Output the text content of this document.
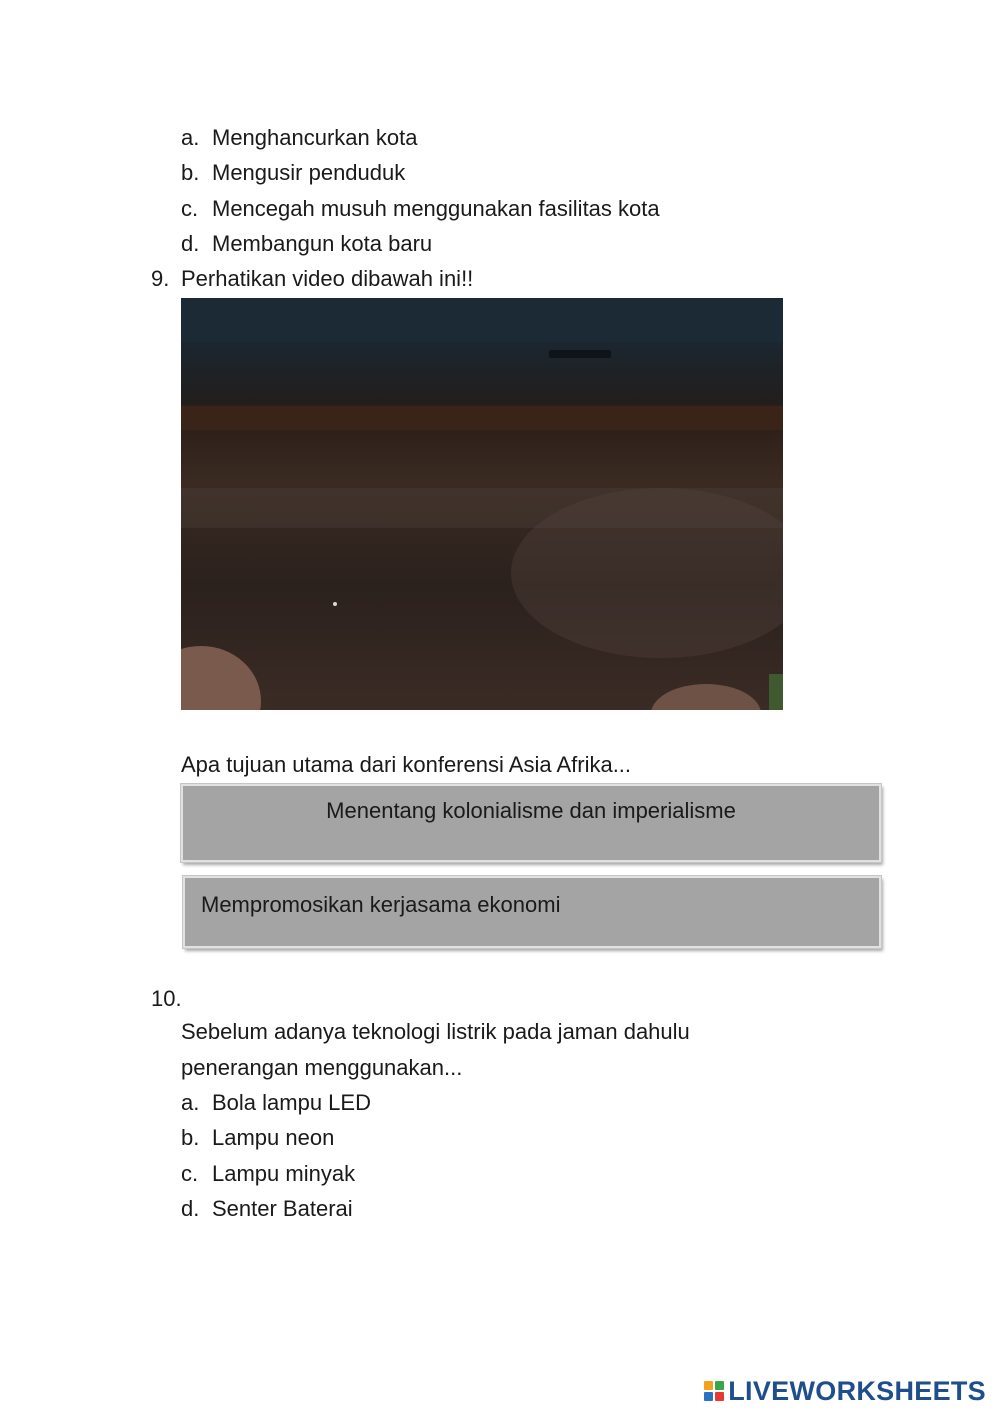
a. Menghancurkan kota
b. Mengusir penduduk
c. Mencegah musuh menggunakan fasilitas kota
d. Membangun kota baru
9. Perhatikan video dibawah ini!!
Apa tujuan utama dari konferensi Asia Afrika...
Menentang kolonialisme dan imperialisme
Mempromosikan kerjasama ekonomi
10.
Sebelum adanya teknologi listrik pada jaman dahulu
penerangan menggunakan...
a. Bola lampu LED
b. Lampu neon
c. Lampu minyak
d. Senter Baterai
LIVEWORKSHEETS
